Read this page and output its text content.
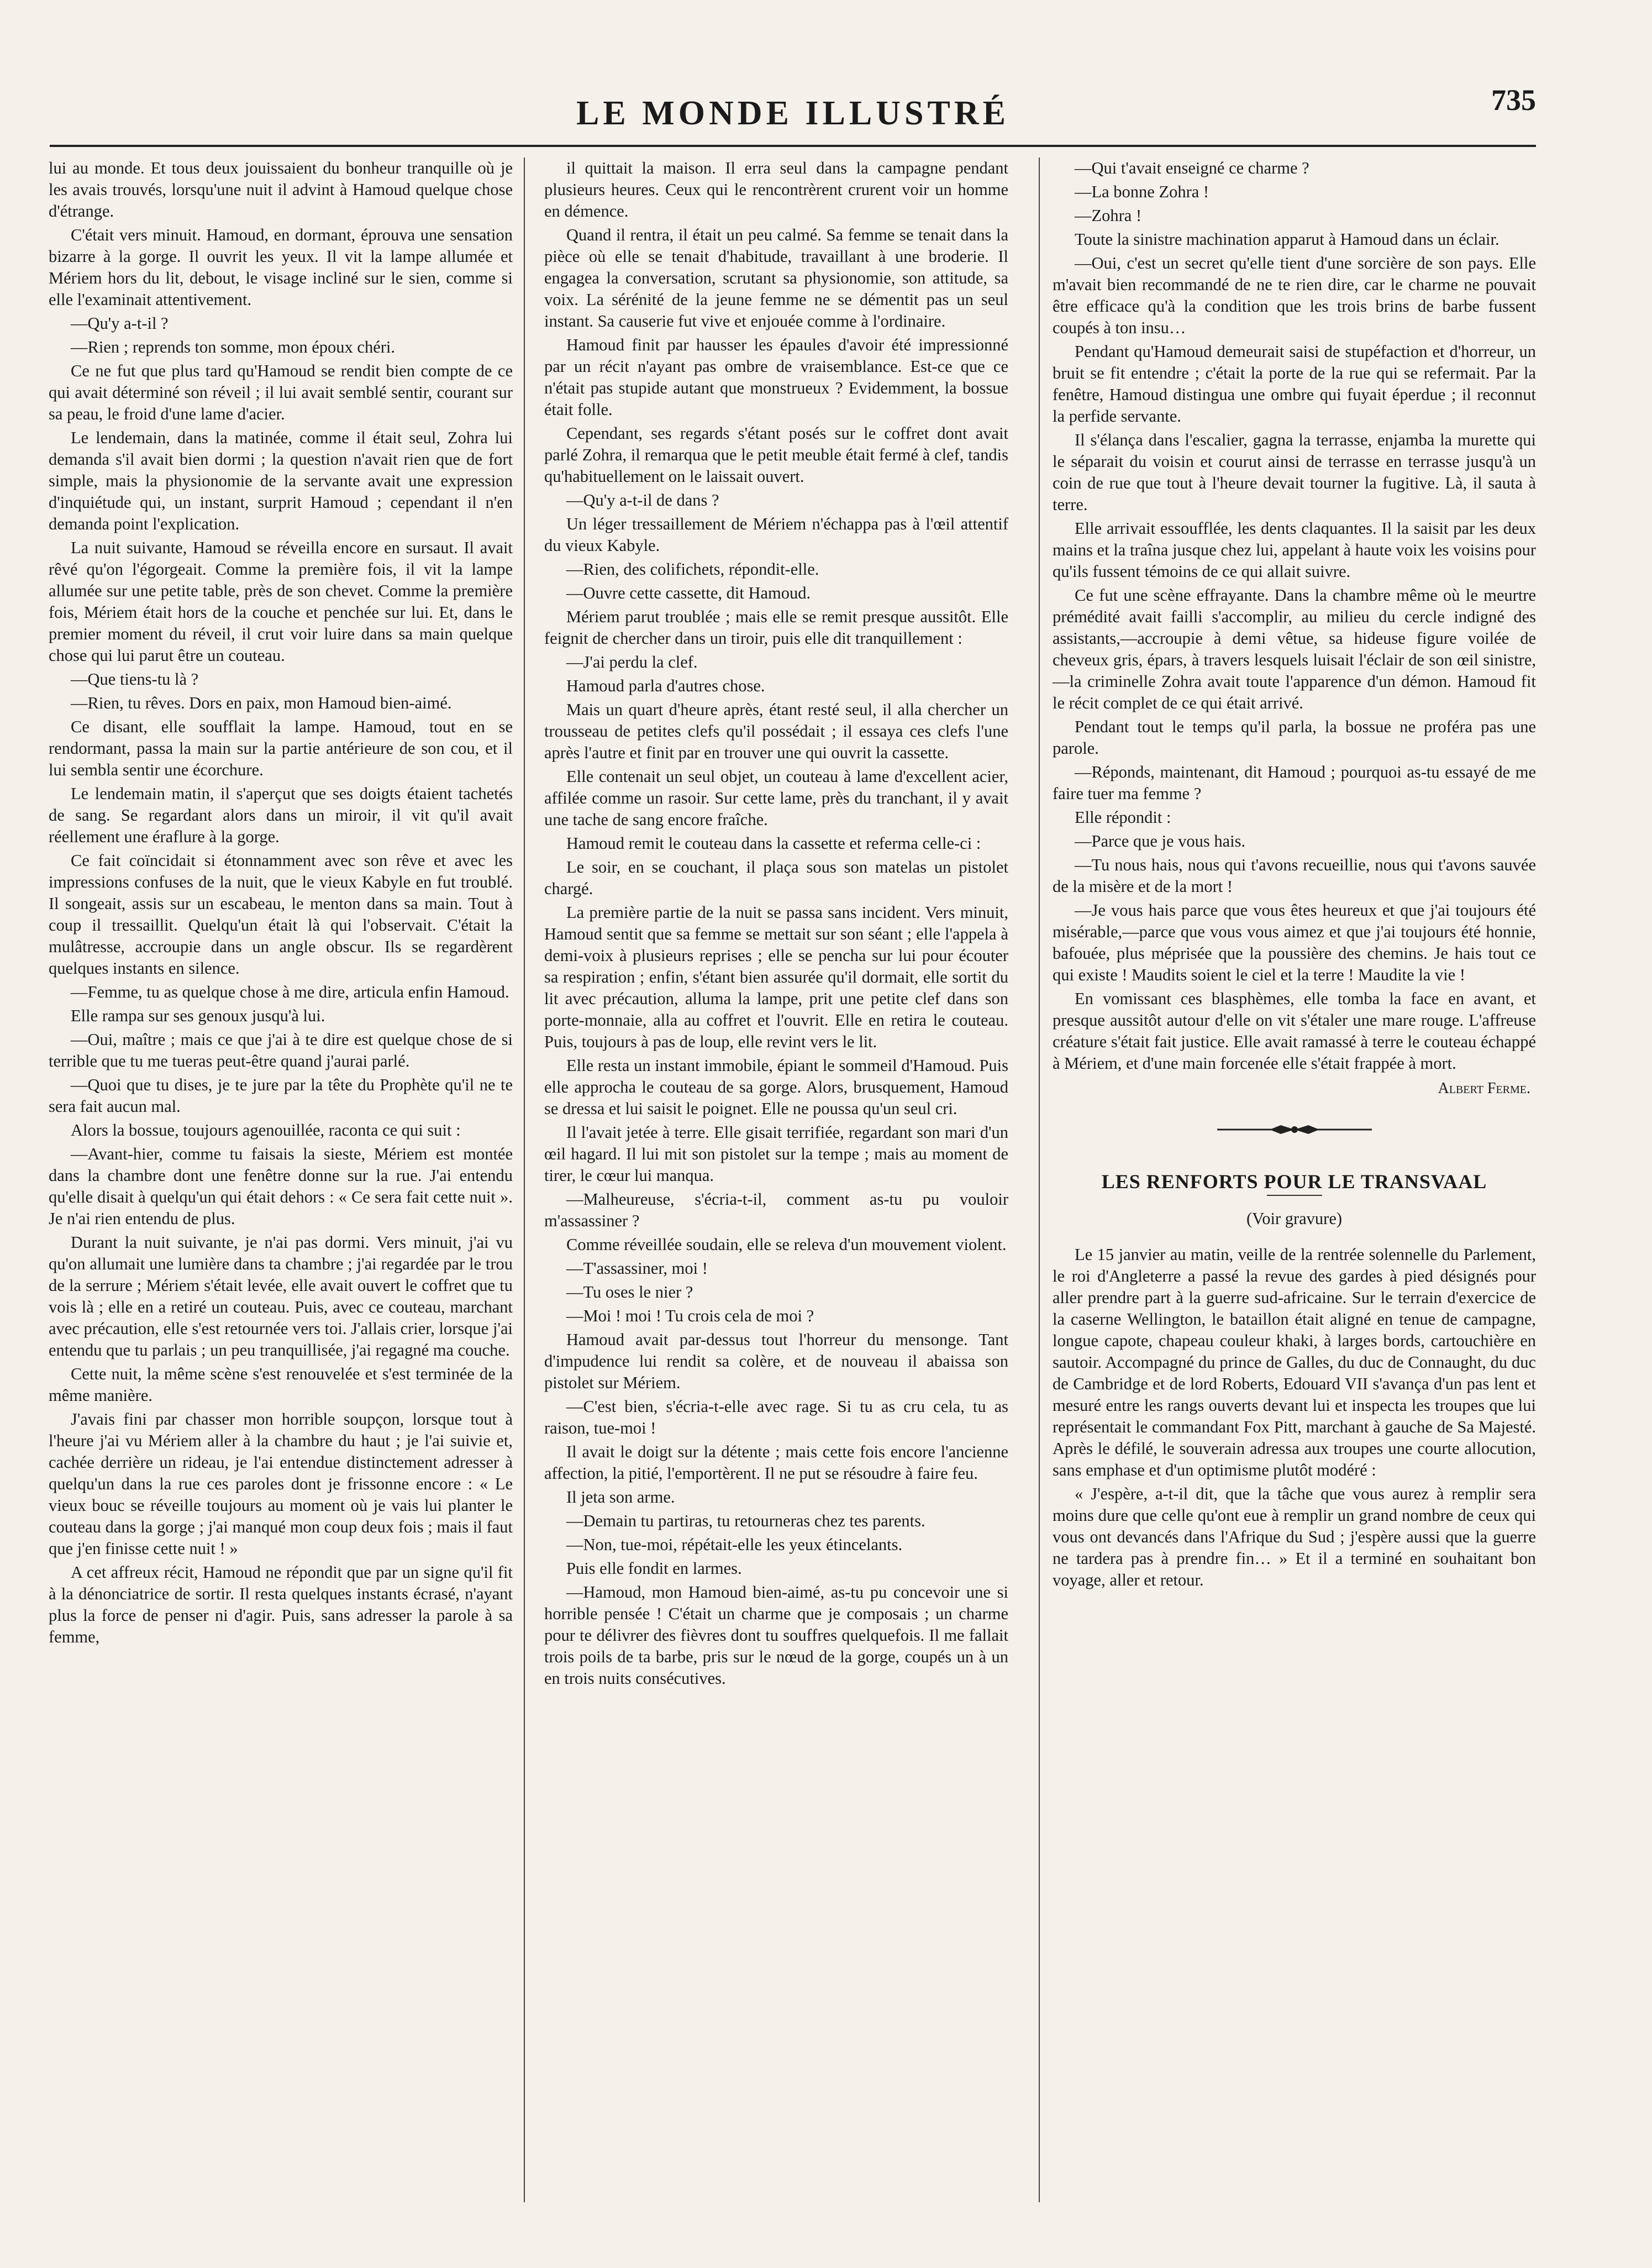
LE MONDE ILLUSTRÉ	735

lui au monde. Et tous deux jouissaient du bonheur tranquille où je les avais trouvés, lorsqu'une nuit il advint à Hamoud quelque chose d'étrange.

C'était vers minuit. Hamoud, en dormant, éprouva une sensation bizarre à la gorge. Il ouvrit les yeux. Il vit la lampe allumée et Mériem hors du lit, debout, le visage incliné sur le sien, comme si elle l'examinait attentivement.

—Qu'y a-t-il ?

—Rien ; reprends ton somme, mon époux chéri.

Ce ne fut que plus tard qu'Hamoud se rendit bien compte de ce qui avait déterminé son réveil ; il lui avait semblé sentir, courant sur sa peau, le froid d'une lame d'acier.

Le lendemain, dans la matinée, comme il était seul, Zohra lui demanda s'il avait bien dormi ; la question n'avait rien que de fort simple, mais la physionomie de la servante avait une expression d'inquiétude qui, un instant, surprit Hamoud ; cependant il n'en demanda point l'explication.

La nuit suivante, Hamoud se réveilla encore en sursaut. Il avait rêvé qu'on l'égorgeait. Comme la première fois, il vit la lampe allumée sur une petite table, près de son chevet. Comme la première fois, Mériem était hors de la couche et penchée sur lui. Et, dans le premier moment du réveil, il crut voir luire dans sa main quelque chose qui lui parut être un couteau.

—Que tiens-tu là ?

—Rien, tu rêves. Dors en paix, mon Hamoud bien-aimé.

Ce disant, elle soufflait la lampe. Hamoud, tout en se rendormant, passa la main sur la partie antérieure de son cou, et il lui sembla sentir une écorchure.

Le lendemain matin, il s'aperçut que ses doigts étaient tachetés de sang. Se regardant alors dans un miroir, il vit qu'il avait réellement une éraflure à la gorge.

Ce fait coïncidait si étonnamment avec son rêve et avec les impressions confuses de la nuit, que le vieux Kabyle en fut troublé. Il songeait, assis sur un escabeau, le menton dans sa main. Tout à coup il tressaillit. Quelqu'un était là qui l'observait. C'était la mulâtresse, accroupie dans un angle obscur. Ils se regardèrent quelques instants en silence.

—Femme, tu as quelque chose à me dire, articula enfin Hamoud.

Elle rampa sur ses genoux jusqu'à lui.

—Oui, maître ; mais ce que j'ai à te dire est quelque chose de si terrible que tu me tueras peut-être quand j'aurai parlé.

—Quoi que tu dises, je te jure par la tête du Prophète qu'il ne te sera fait aucun mal.

Alors la bossue, toujours agenouillée, raconta ce qui suit :

—Avant-hier, comme tu faisais la sieste, Mériem est montée dans la chambre dont une fenêtre donne sur la rue. J'ai entendu qu'elle disait à quelqu'un qui était dehors : « Ce sera fait cette nuit ». Je n'ai rien entendu de plus.

Durant la nuit suivante, je n'ai pas dormi. Vers minuit, j'ai vu qu'on allumait une lumière dans ta chambre ; j'ai regardée par le trou de la serrure ; Mériem s'était levée, elle avait ouvert le coffret que tu vois là ; elle en a retiré un couteau. Puis, avec ce couteau, marchant avec précaution, elle s'est retournée vers toi. J'allais crier, lorsque j'ai entendu que tu parlais ; un peu tranquillisée, j'ai regagné ma couche.

Cette nuit, la même scène s'est renouvelée et s'est terminée de la même manière.

J'avais fini par chasser mon horrible soupçon, lorsque tout à l'heure j'ai vu Mériem aller à la chambre du haut ; je l'ai suivie et, cachée derrière un rideau, je l'ai entendue distinctement adresser à quelqu'un dans la rue ces paroles dont je frissonne encore : « Le vieux bouc se réveille toujours au moment où je vais lui planter le couteau dans la gorge ; j'ai manqué mon coup deux fois ; mais il faut que j'en finisse cette nuit ! »

A cet affreux récit, Hamoud ne répondit que par un signe qu'il fit à la dénonciatrice de sortir. Il resta quelques instants écrasé, n'ayant plus la force de penser ni d'agir. Puis, sans adresser la parole à sa femme,

il quittait la maison. Il erra seul dans la campagne pendant plusieurs heures. Ceux qui le rencontrèrent crurent voir un homme en démence.

Quand il rentra, il était un peu calmé. Sa femme se tenait dans la pièce où elle se tenait d'habitude, travaillant à une broderie. Il engagea la conversation, scrutant sa physionomie, son attitude, sa voix. La sérénité de la jeune femme ne se démentit pas un seul instant. Sa causerie fut vive et enjouée comme à l'ordinaire.

Hamoud finit par hausser les épaules d'avoir été impressionné par un récit n'ayant pas ombre de vraisemblance. Est-ce que ce n'était pas stupide autant que monstrueux ? Evidemment, la bossue était folle.

Cependant, ses regards s'étant posés sur le coffret dont avait parlé Zohra, il remarqua que le petit meuble était fermé à clef, tandis qu'habituellement on le laissait ouvert.

—Qu'y a-t-il de dans ?

Un léger tressaillement de Mériem n'échappa pas à l'œil attentif du vieux Kabyle.

—Rien, des colifichets, répondit-elle.

—Ouvre cette cassette, dit Hamoud.

Mériem parut troublée ; mais elle se remit presque aussitôt. Elle feignit de chercher dans un tiroir, puis elle dit tranquillement :

—J'ai perdu la clef.

Hamoud parla d'autres chose.

Mais un quart d'heure après, étant resté seul, il alla chercher un trousseau de petites clefs qu'il possédait ; il essaya ces clefs l'une après l'autre et finit par en trouver une qui ouvrit la cassette.

Elle contenait un seul objet, un couteau à lame d'excellent acier, affilée comme un rasoir. Sur cette lame, près du tranchant, il y avait une tache de sang encore fraîche.

Hamoud remit le couteau dans la cassette et referma celle-ci :

Le soir, en se couchant, il plaça sous son matelas un pistolet chargé.

La première partie de la nuit se passa sans incident. Vers minuit, Hamoud sentit que sa femme se mettait sur son séant ; elle l'appela à demi-voix à plusieurs reprises ; elle se pencha sur lui pour écouter sa respiration ; enfin, s'étant bien assurée qu'il dormait, elle sortit du lit avec précaution, alluma la lampe, prit une petite clef dans son porte-monnaie, alla au coffret et l'ouvrit. Elle en retira le couteau. Puis, toujours à pas de loup, elle revint vers le lit.

Elle resta un instant immobile, épiant le sommeil d'Hamoud. Puis elle approcha le couteau de sa gorge. Alors, brusquement, Hamoud se dressa et lui saisit le poignet. Elle ne poussa qu'un seul cri.

Il l'avait jetée à terre. Elle gisait terrifiée, regardant son mari d'un œil hagard. Il lui mit son pistolet sur la tempe ; mais au moment de tirer, le cœur lui manqua.

—Malheureuse, s'écria-t-il, comment as-tu pu vouloir m'assassiner ?

Comme réveillée soudain, elle se releva d'un mouvement violent.

—T'assassiner, moi !

—Tu oses le nier ?

—Moi ! moi ! Tu crois cela de moi ?

Hamoud avait par-dessus tout l'horreur du mensonge. Tant d'impudence lui rendit sa colère, et de nouveau il abaissa son pistolet sur Mériem.

—C'est bien, s'écria-t-elle avec rage. Si tu as cru cela, tu as raison, tue-moi !

Il avait le doigt sur la détente ; mais cette fois encore l'ancienne affection, la pitié, l'emportèrent. Il ne put se résoudre à faire feu.

Il jeta son arme.

—Demain tu partiras, tu retourneras chez tes parents.

—Non, tue-moi, répétait-elle les yeux étincelants.

Puis elle fondit en larmes.

—Hamoud, mon Hamoud bien-aimé, as-tu pu concevoir une si horrible pensée ! C'était un charme que je composais ; un charme pour te délivrer des fièvres dont tu souffres quelquefois. Il me fallait trois poils de ta barbe, pris sur le nœud de la gorge, coupés un à un en trois nuits consécutives.

—Qui t'avait enseigné ce charme ?

—La bonne Zohra !

—Zohra !

Toute la sinistre machination apparut à Hamoud dans un éclair.

—Oui, c'est un secret qu'elle tient d'une sorcière de son pays. Elle m'avait bien recommandé de ne te rien dire, car le charme ne pouvait être efficace qu'à la condition que les trois brins de barbe fussent coupés à ton insu…

Pendant qu'Hamoud demeurait saisi de stupéfaction et d'horreur, un bruit se fit entendre ; c'était la porte de la rue qui se refermait. Par la fenêtre, Hamoud distingua une ombre qui fuyait éperdue ; il reconnut la perfide servante.

Il s'élança dans l'escalier, gagna la terrasse, enjamba la murette qui le séparait du voisin et courut ainsi de terrasse en terrasse jusqu'à un coin de rue que tout à l'heure devait tourner la fugitive. Là, il sauta à terre.

Elle arrivait essoufflée, les dents claquantes. Il la saisit par les deux mains et la traîna jusque chez lui, appelant à haute voix les voisins pour qu'ils fussent témoins de ce qui allait suivre.

Ce fut une scène effrayante. Dans la chambre même où le meurtre prémédité avait failli s'accomplir, au milieu du cercle indigné des assistants,—accroupie à demi vêtue, sa hideuse figure voilée de cheveux gris, épars, à travers lesquels luisait l'éclair de son œil sinistre,—la criminelle Zohra avait toute l'apparence d'un démon. Hamoud fit le récit complet de ce qui était arrivé.

Pendant tout le temps qu'il parla, la bossue ne proféra pas une parole.

—Réponds, maintenant, dit Hamoud ; pourquoi as-tu essayé de me faire tuer ma femme ?

Elle répondit :

—Parce que je vous hais.

—Tu nous hais, nous qui t'avons recueillie, nous qui t'avons sauvée de la misère et de la mort !

—Je vous hais parce que vous êtes heureux et que j'ai toujours été misérable,—parce que vous vous aimez et que j'ai toujours été honnie, bafouée, plus méprisée que la poussière des chemins. Je hais tout ce qui existe ! Maudits soient le ciel et la terre ! Maudite la vie !

En vomissant ces blasphèmes, elle tomba la face en avant, et presque aussitôt autour d'elle on vit s'étaler une mare rouge. L'affreuse créature s'était fait justice. Elle avait ramassé à terre le couteau échappé à Mériem, et d'une main forcenée elle s'était frappée à mort.

Albert Ferme.

LES RENFORTS POUR LE TRANSVAAL

(Voir gravure)

Le 15 janvier au matin, veille de la rentrée solennelle du Parlement, le roi d'Angleterre a passé la revue des gardes à pied désignés pour aller prendre part à la guerre sud-africaine. Sur le terrain d'exercice de la caserne Wellington, le bataillon était aligné en tenue de campagne, longue capote, chapeau couleur khaki, à larges bords, cartouchière en sautoir. Accompagné du prince de Galles, du duc de Connaught, du duc de Cambridge et de lord Roberts, Edouard VII s'avança d'un pas lent et mesuré entre les rangs ouverts devant lui et inspecta les troupes que lui représentait le commandant Fox Pitt, marchant à gauche de Sa Majesté. Après le défilé, le souverain adressa aux troupes une courte allocution, sans emphase et d'un optimisme plutôt modéré :

« J'espère, a-t-il dit, que la tâche que vous aurez à remplir sera moins dure que celle qu'ont eue à remplir un grand nombre de ceux qui vous ont devancés dans l'Afrique du Sud ; j'espère aussi que la guerre ne tardera pas à prendre fin… » Et il a terminé en souhaitant bon voyage, aller et retour.
